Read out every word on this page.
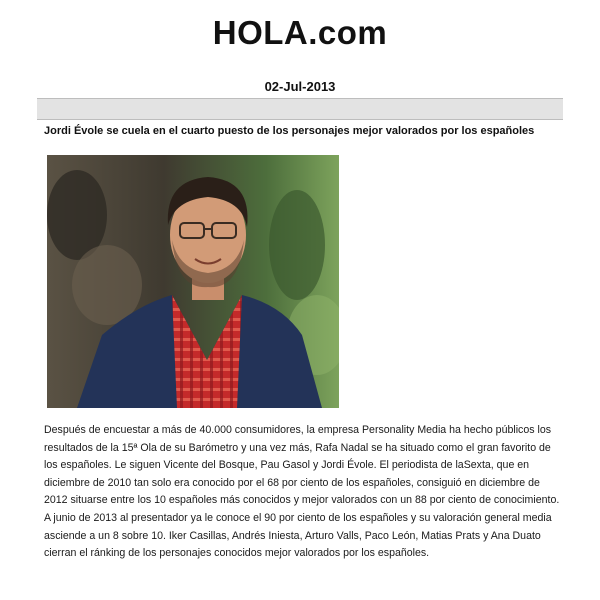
HOLA.com
02-Jul-2013
Jordi Évole se cuela en el cuarto puesto de los personajes mejor valorados por los españoles

Después de encuestar a más de 40.000 consumidores, la empresa Personality Media ha hecho públicos los resultados de la 15ª Ola de su Barómetro y una vez más, Rafa Nadal se ha situado como el gran favorito de los españoles. Le siguen Vicente del Bosque, Pau Gasol y Jordi Évole. El periodista de laSexta, que en diciembre de 2010 tan solo era conocido por el 68 por ciento de los españoles, consiguió en diciembre de 2012 situarse entre los 10 españoles más conocidos y mejor valorados con un 88 por ciento de conocimiento. A junio de 2013 al presentador ya le conoce el 90 por ciento de los españoles y su valoración general media asciende a un 8 sobre 10. Iker Casillas, Andrés Iniesta, Arturo Valls, Paco León, Matias Prats y Ana Duato cierran el ránking de los personajes conocidos mejor valorados por los españoles.
